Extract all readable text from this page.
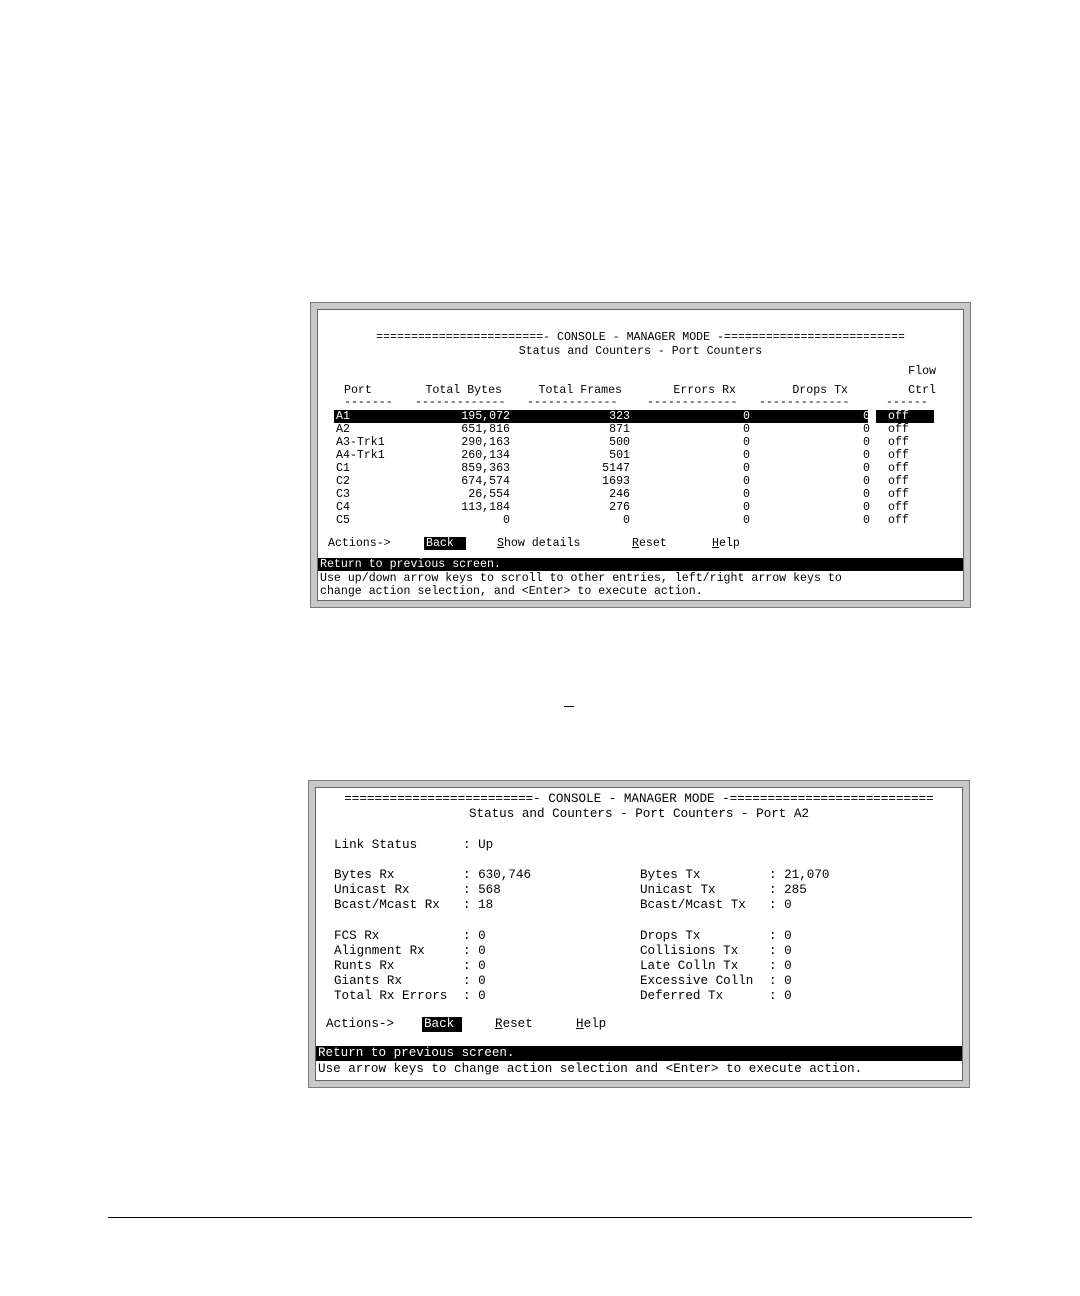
========================- CONSOLE - MANAGER MODE -==========================
Status and Counters - Port Counters
Flow
Port	Total Bytes	Total Frames	Errors Rx	Drops Tx	Ctrl
------- ------------- -------------	------------- -------------	------
A1	195,072	323	0	0 off
A2	651,816	871	0	0 off
A3-Trk1	290,163	500	0	0 off
A4-Trk1	260,134	501	0	0 off
C1	859,363	5147	0	0 off
C2	674,574	1693	0	0 off
C3	26,554	246	0	0 off
C4	113,184	276	0	0 off
C5	0	0	0	0 off
Actions->	Back	Show details	Reset	Help
Return to previous screen.
Use up/down arrow keys to scroll to other entries, left/right arrow keys to
change action selection, and <Enter> to execute action.
=========================- CONSOLE - MANAGER MODE -===========================
Status and Counters - Port Counters - Port A2
Link Status	: Up
Bytes Rx	: 630,746
Unicast Rx	: 568
Bcast/Mcast Rx : 18
FCS Rx	: 0
Alignment Rx	: 0
Runts Rx	: 0
Giants Rx	: 0
Total Rx Errors : 0
Bytes Tx	: 21,070
Unicast Tx	: 285
Bcast/Mcast Tx : 0
Drops Tx	: 0
Collisions Tx : 0
Late Colln Tx : 0
Excessive Colln : 0
Deferred Tx	: 0
Actions-> Back	Reset	Help
Return to previous screen.
Use arrow keys to change action selection and <Enter> to execute action.
